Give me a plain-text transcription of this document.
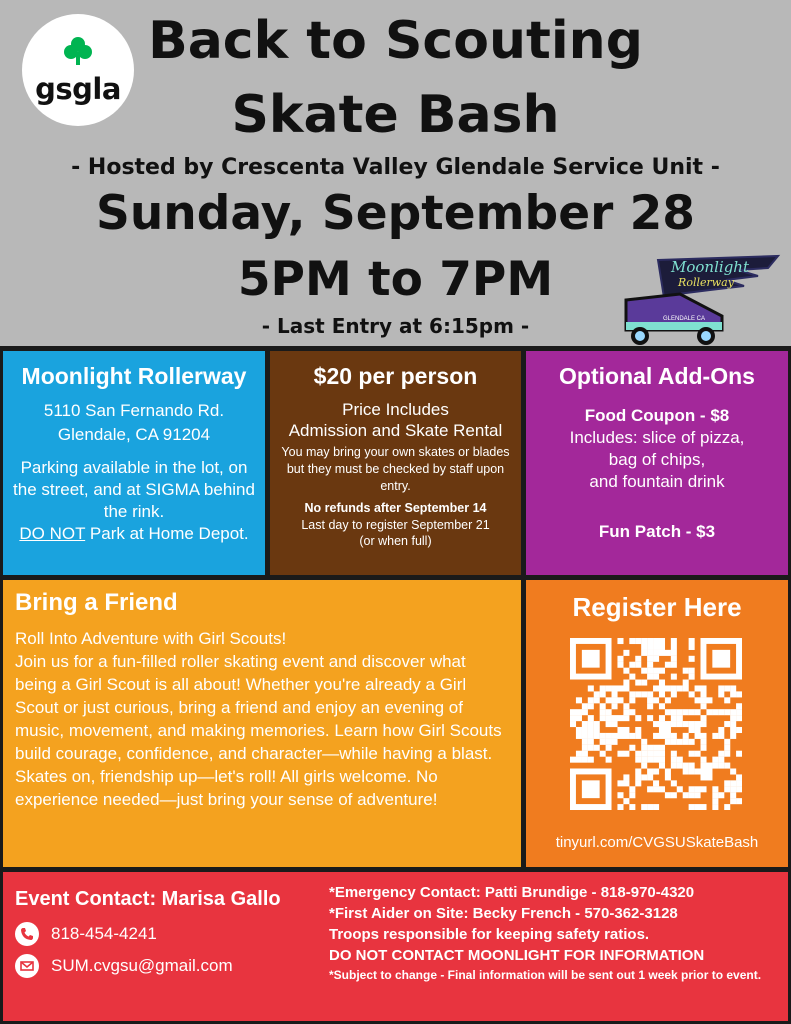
gsgla
Back to Scouting
Skate Bash
- Hosted by Crescenta Valley Glendale Service Unit -
Sunday, September 28
5PM to 7PM
- Last Entry at 6:15pm -
Moonlight
Rollerway
GLENDALE CA
Moonlight Rollerway
5110 San Fernando Rd.
Glendale, CA 91204
Parking available in the lot, on the street, and at SIGMA behind the rink.
DO NOT Park at Home Depot.
$20 per person
Price Includes
Admission and Skate Rental
You may bring your own skates or blades but they must be checked by staff upon entry.
No refunds after September 14
Last day to register September 21
(or when full)
Optional Add-Ons
Food Coupon - $8
Includes: slice of pizza,
bag of chips,
and fountain drink
Fun Patch - $3
Bring a Friend
Roll Into Adventure with Girl Scouts!
Join us for a fun-filled roller skating event and discover what being a Girl Scout is all about! Whether you're already a Girl Scout or just curious, bring a friend and enjoy an evening of music, movement, and making memories. Learn how Girl Scouts build courage, confidence, and character—while having a blast. Skates on, friendship up—let's roll! All girls welcome. No experience needed—just bring your sense of adventure!
Register Here
tinyurl.com/CVGSUSkateBash
Event Contact: Marisa Gallo
818-454-4241
SUM.cvgsu@gmail.com
*Emergency Contact: Patti Brundige - 818-970-4320
*First Aider on Site: Becky French - 570-362-3128
Troops responsible for keeping safety ratios.
DO NOT CONTACT MOONLIGHT FOR INFORMATION
*Subject to change - Final information will be sent out 1 week prior to event.
